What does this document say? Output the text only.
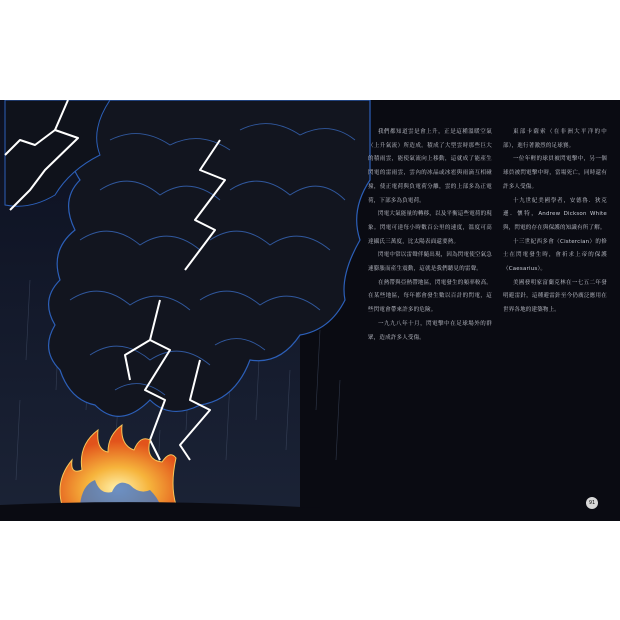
我們都知道雲是會上升，正是這種溫暖空氣（上升氣流）所造成。積成了大型雲時那些巨大的積雨雲，能使氣流向上移動，這就成了能產生閃電的雷雨雲，雲內的冰晶或冰雹與雨滴互相碰撞，使正電荷與負電荷分離，雲的上部多為正電荷，下部多為負電荷。

閃電大氣能量的轉移，以及平衡這些電荷的現象。閃電可達每小時數百公里的速度，溫度可高達攝氏三萬度，比太陽表面還要熱。

閃電中常以雷聲伴隨出現，因為閃電使空氣急速膨脹而產生震動，這就是我們聽見的雷聲。

在熱帶與亞熱帶地區，閃電發生的頻率較高。在某些地區，每年都會發生數以百計的閃電，這些閃電會帶來許多的危險。

一九九八年十月，閃電擊中在足球場外的群眾，造成許多人受傷。

東部卡薩索（在非洲大平洋的中部），進行著激烈的足球賽。

一位年輕的球員被閃電擊中，另一個球員被閃電擊中時，當場死亡，同時還有許多人受傷。

十九世紀美國學者，安德魯．狄克遜．懷特，Andrew Dickson White 與，閃電的存在與保護的知識有所了解。

十三世紀西多會（Cistercian）的修士在閃電發生時，會祈求上帝的保護（Caesarius）。

美國發明家富蘭克林在一七五二年發明避雷針，這種避雷針至今仍廣泛應用在世界各地的建築物上。

91
